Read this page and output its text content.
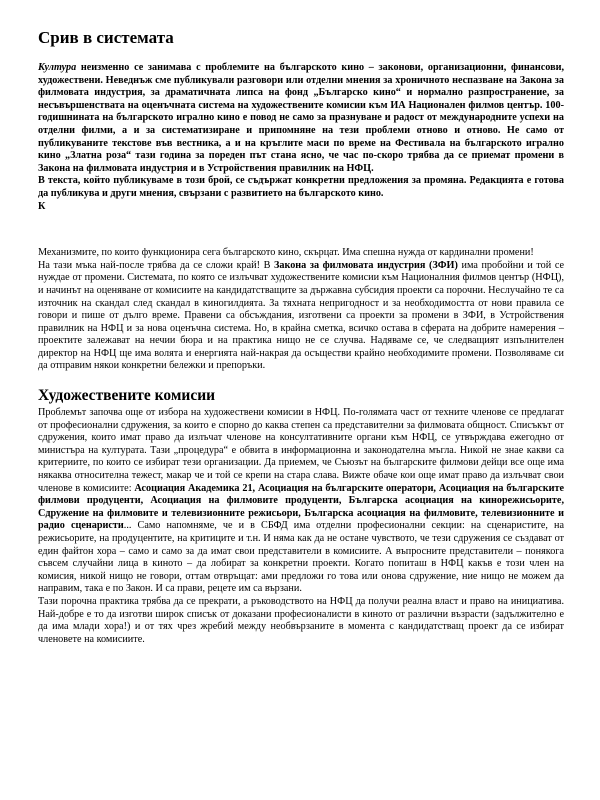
Срив в системата

Култура неизменно се занимава с проблемите на българското кино – законови, организационни, финансови, художествени. Неведнъж сме публикували разговори или отделни мнения за хроничното неспазване на Закона за филмовата индустрия, за драматичната липса на фонд „Българско кино“ и нормално разпространение, за несъвършенствата на оценъчната система на художествените комисии към ИА Национален филмов център. 100-годишнината на българското игрално кино е повод не само за празнуване и радост от международните успехи на отделни филми, а и за систематизиране и припомняне на тези проблеми отново и отново. Не само от публикуваните текстове във вестника, а и на кръглите маси по време на Фестивала на българското игрално кино „Златна роза“ тази година за пореден път стана ясно, че час по-скоро трябва да се приемат промени в Закона на филмовата индустрия и в Устройствения правилник на НФЦ.

В текста, който публикуваме в този брой, се съдържат конкретни предложения за промяна. Редакцията е готова да публикува и други мнения, свързани с развитието на българското кино.

К

Механизмите, по които функционира сега българското кино, скърцат. Има спешна нужда от кардинални промени!

На тази мъка най-после трябва да се сложи край! В Закона за филмовата индустрия (ЗФИ) има пробойни и той се нуждае от промени. Системата, по която се излъчват художествените комисии към Националния филмов център (НФЦ), и начинът на оценяване от комисиите на кандидатстващите за държавна субсидия проекти са порочни. Неслучайно те са източник на скандал след скандал в киногилдията. За тяхната непригодност и за необходимостта от нови правила се говори и пише от дълго време. Правени са обсъждания, изготвени са проекти за промени в ЗФИ, в Устройствения правилник на НФЦ и за нова оценъчна система. Но, в крайна сметка, всичко остава в сферата на добрите намерения – проектите залежават на нечии бюра и на практика нищо не се случва. Надяваме се, че следващият изпълнителен директор на НФЦ ще има волята и енергията най-накрая да осъществи крайно необходимите промени. Позволяваме си да отправим някои конкретни бележки и препоръки.

Художествените комисии

Проблемът започва още от избора на художествени комисии в НФЦ. По-голямата част от техните членове се предлагат от професионални сдружения, за които е спорно до каква степен са представителни за филмовата общност. Списъкът от сдружения, които имат право да излъчат членове на консултативните органи към НФЦ, се утвърждава ежегодно от министъра на културата. Тази „процедура“ е обвита в информационна и законодателна мъгла. Никой не знае какви са критериите, по които се избират тези организации. Да приемем, че Съюзът на българските филмови дейци все още има някаква относителна тежест, макар че и той се крепи на стара слава. Вижте обаче кои още имат право да излъчват свои членове в комисиите: Асоциация Академика 21, Асоциация на българските оператори, Асоциация на българските филмови продуценти, Асоциация на филмовите продуценти, Българска асоциация на кинорежисьорите, Сдружение на филмовите и телевизионните режисьори, Българска асоциация на филмовите, телевизионните и радио сценаристи... Само напомняме, че и в СБФД има отделни професионални секции: на сценаристите, на режисьорите, на продуцентите, на критиците и т.н. И няма как да не остане чувството, че тези сдружения се създават от един файтон хора – само и само за да имат свои представители в комисиите. А въпросните представители – понякога съвсем случайни лица в киното – да лобират за конкретни проекти. Когато попиташ в НФЦ какъв е този член на комисия, никой нищо не говори, оттам отвръщат: ами предложи го това или онова сдружение, ние нищо не можем да направим, така е по Закон. И са прави, рецете им са вързани.

Тази порочна практика трябва да се прекрати, а ръководството на НФЦ да получи реална власт и право на инициатива. Най-добре е то да изготви широк списък от доказани професионалисти в киното от различни възрасти (задължително е да има млади хора!) и от тях чрез жребий между необвързаните в момента с кандидатстващ проект да се избират членовете на комисиите.
